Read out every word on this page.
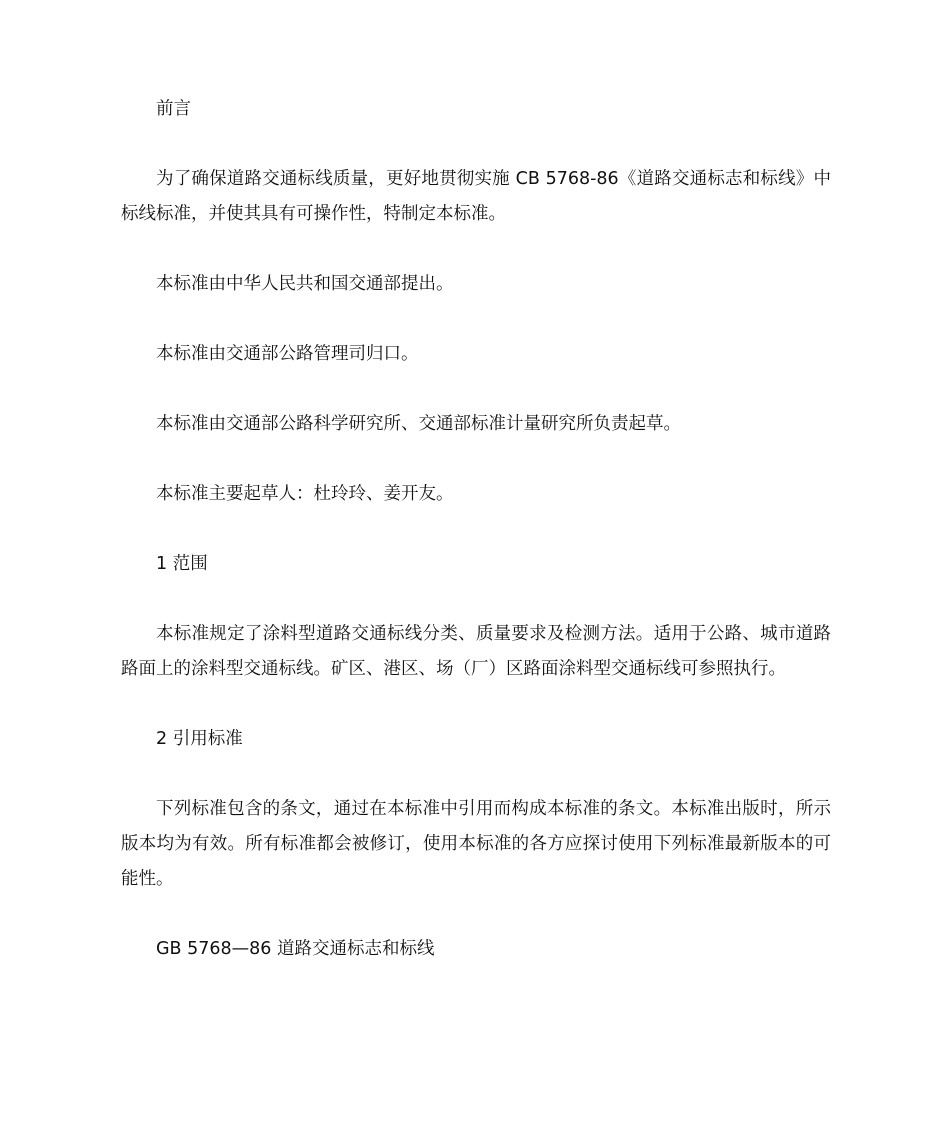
前言

为了确保道路交通标线质量，更好地贯彻实施 CB 5768-86《道路交通标志和标线》中标线标准，并使其具有可操作性，特制定本标准。

本标准由中华人民共和国交通部提出。

本标准由交通部公路管理司归口。

本标准由交通部公路科学研究所、交通部标准计量研究所负责起草。

本标准主要起草人：杜玲玲、姜开友。

1 范围

本标准规定了涂料型道路交通标线分类、质量要求及检测方法。适用于公路、城市道路路面上的涂料型交通标线。矿区、港区、场（厂）区路面涂料型交通标线可参照执行。

2 引用标准

下列标准包含的条文，通过在本标准中引用而构成本标准的条文。本标准出版时，所示版本均为有效。所有标准都会被修订，使用本标准的各方应探讨使用下列标准最新版本的可能性。

GB 5768—86 道路交通标志和标线
